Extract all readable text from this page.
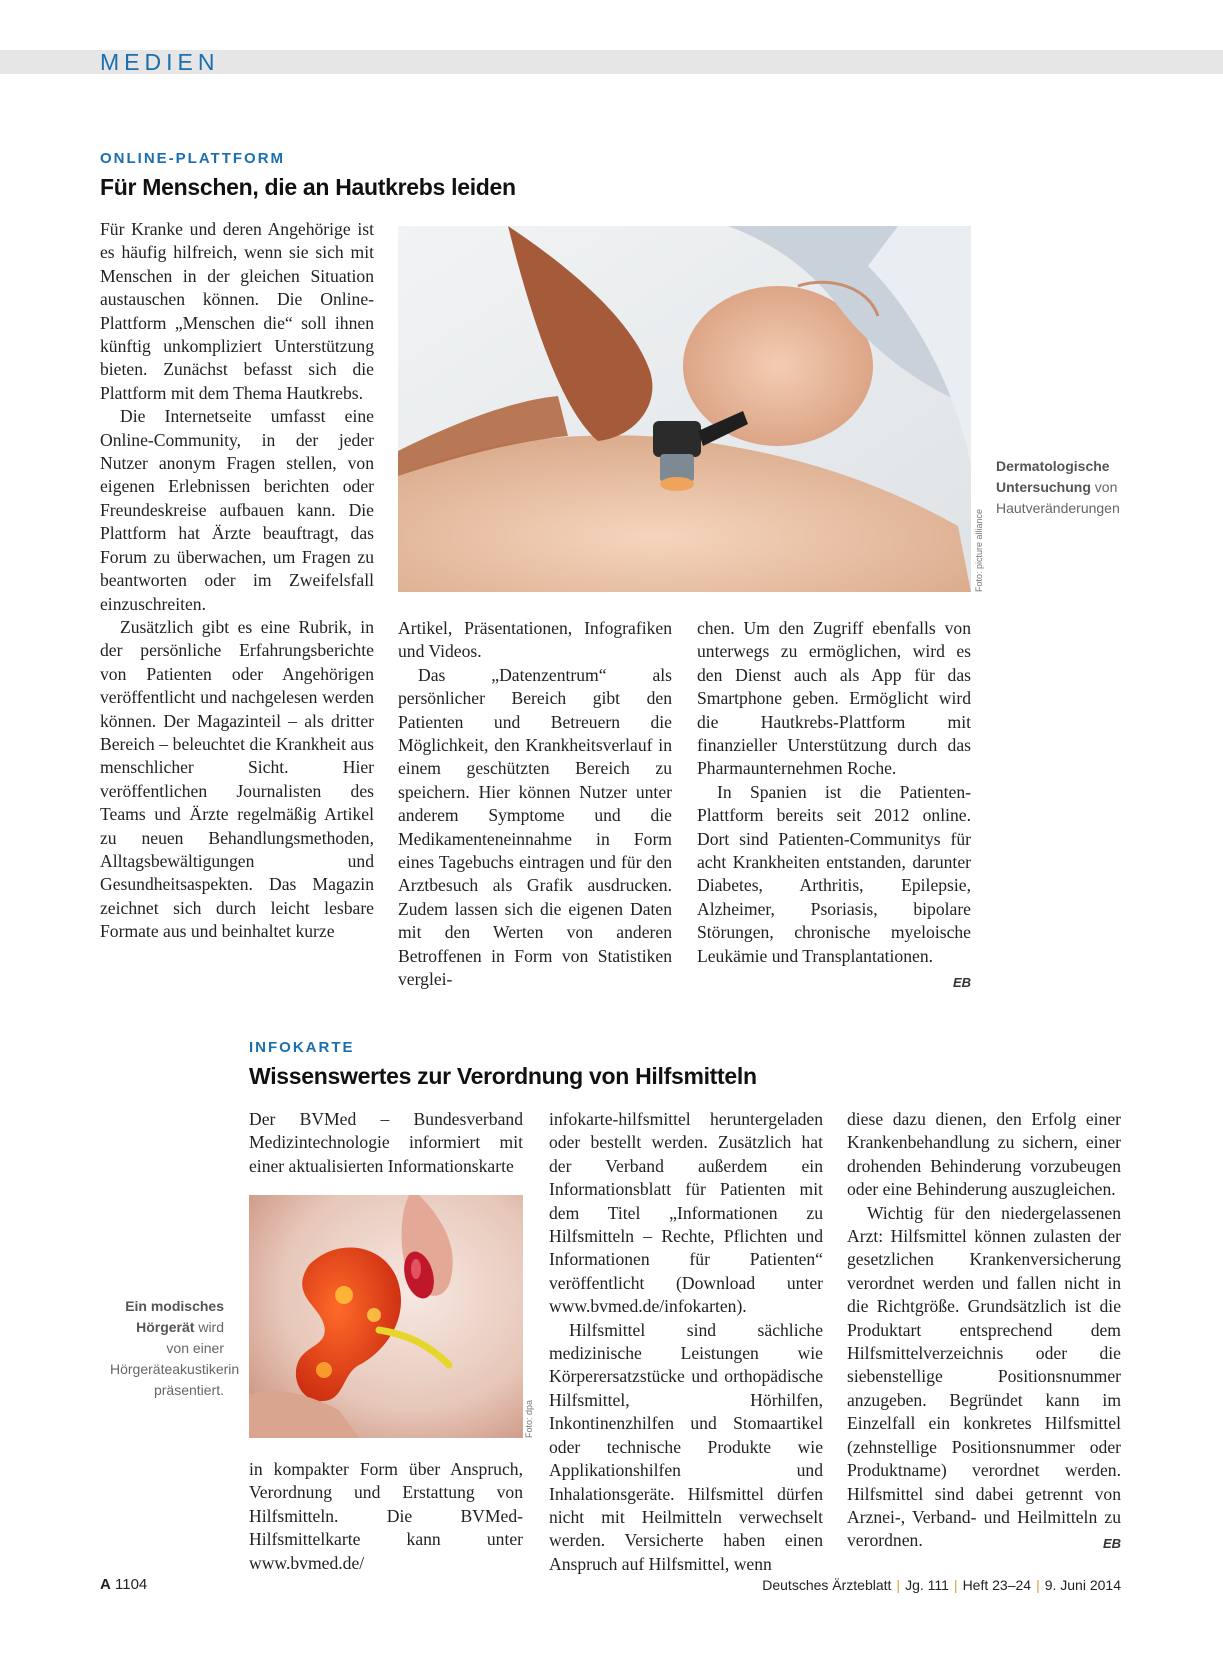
MEDIEN
ONLINE-PLATTFORM
Für Menschen, die an Hautkrebs leiden

Für Kranke und deren Angehörige ist es häufig hilfreich, wenn sie sich mit Menschen in der gleichen Situation austauschen können. Die Online-Plattform „Menschen die“ soll ihnen künftig unkompliziert Unterstützung bieten. Zunächst befasst sich die Plattform mit dem Thema Hautkrebs.

Die Internetseite umfasst eine Online-Community, in der jeder Nutzer anonym Fragen stellen, von eigenen Erlebnissen berichten oder Freundeskreise aufbauen kann. Die Plattform hat Ärzte beauftragt, das Forum zu überwachen, um Fragen zu beantworten oder im Zweifelsfall einzuschreiten.

Zusätzlich gibt es eine Rubrik, in der persönliche Erfahrungsberichte von Patienten oder Angehörigen veröffentlicht und nachgelesen werden können. Der Magazinteil – als dritter Bereich – beleuchtet die Krankheit aus menschlicher Sicht. Hier veröffentlichen Journalisten des Teams und Ärzte regelmäßig Artikel zu neuen Behandlungsmethoden, Alltagsbewältigungen und Gesundheitsaspekten. Das Magazin zeichnet sich durch leicht lesbare Formate aus und beinhaltet kurze

Foto: picture alliance
Dermatologische Untersuchung von Hautveränderungen

Artikel, Präsentationen, Infografiken und Videos.

Das „Datenzentrum“ als persönlicher Bereich gibt den Patienten und Betreuern die Möglichkeit, den Krankheitsverlauf in einem geschützten Bereich zu speichern. Hier können Nutzer unter anderem Symptome und die Medikamenteneinnahme in Form eines Tagebuchs eintragen und für den Arztbesuch als Grafik ausdrucken. Zudem lassen sich die eigenen Daten mit den Werten von anderen Betroffenen in Form von Statistiken verglei-

chen. Um den Zugriff ebenfalls von unterwegs zu ermöglichen, wird es den Dienst auch als App für das Smartphone geben. Ermöglicht wird die Hautkrebs-Plattform mit finanzieller Unterstützung durch das Pharmaunternehmen Roche.

In Spanien ist die Patienten-Plattform bereits seit 2012 online. Dort sind Patienten-Communitys für acht Krankheiten entstanden, darunter Diabetes, Arthritis, Epilepsie, Alzheimer, Psoriasis, bipolare Störungen, chronische myeloische Leukämie und Transplantationen.
EB

INFOKARTE
Wissenswertes zur Verordnung von Hilfsmitteln

Der BVMed – Bundesverband Medizintechnologie informiert mit einer aktualisierten Informationskarte

Foto: dpa
Ein modisches Hörgerät wird von einer Hörgeräteakustikerin präsentiert.

in kompakter Form über Anspruch, Verordnung und Erstattung von Hilfsmitteln. Die BVMed-Hilfsmittelkarte kann unter www.bvmed.de/

infokarte-hilfsmittel heruntergeladen oder bestellt werden. Zusätzlich hat der Verband außerdem ein Informationsblatt für Patienten mit dem Titel „Informationen zu Hilfsmitteln – Rechte, Pflichten und Informationen für Patienten“ veröffentlicht (Download unter www.bvmed.de/infokarten).

Hilfsmittel sind sächliche medizinische Leistungen wie Körperersatzstücke und orthopädische Hilfsmittel, Hörhilfen, Inkontinenzhilfen und Stomaartikel oder technische Produkte wie Applikationshilfen und Inhalationsgeräte. Hilfsmittel dürfen nicht mit Heilmitteln verwechselt werden. Versicherte haben einen Anspruch auf Hilfsmittel, wenn

diese dazu dienen, den Erfolg einer Krankenbehandlung zu sichern, einer drohenden Behinderung vorzubeugen oder eine Behinderung auszugleichen.

Wichtig für den niedergelassenen Arzt: Hilfsmittel können zulasten der gesetzlichen Krankenversicherung verordnet werden und fallen nicht in die Richtgröße. Grundsätzlich ist die Produktart entsprechend dem Hilfsmittelverzeichnis oder die siebenstellige Positionsnummer anzugeben. Begründet kann im Einzelfall ein konkretes Hilfsmittel (zehnstellige Positionsnummer oder Produktname) verordnet werden. Hilfsmittel sind dabei getrennt von Arznei-, Verband- und Heilmitteln zu verordnen.	EB

A 1104	Deutsches Ärzteblatt | Jg. 111 | Heft 23–24 | 9. Juni 2014
